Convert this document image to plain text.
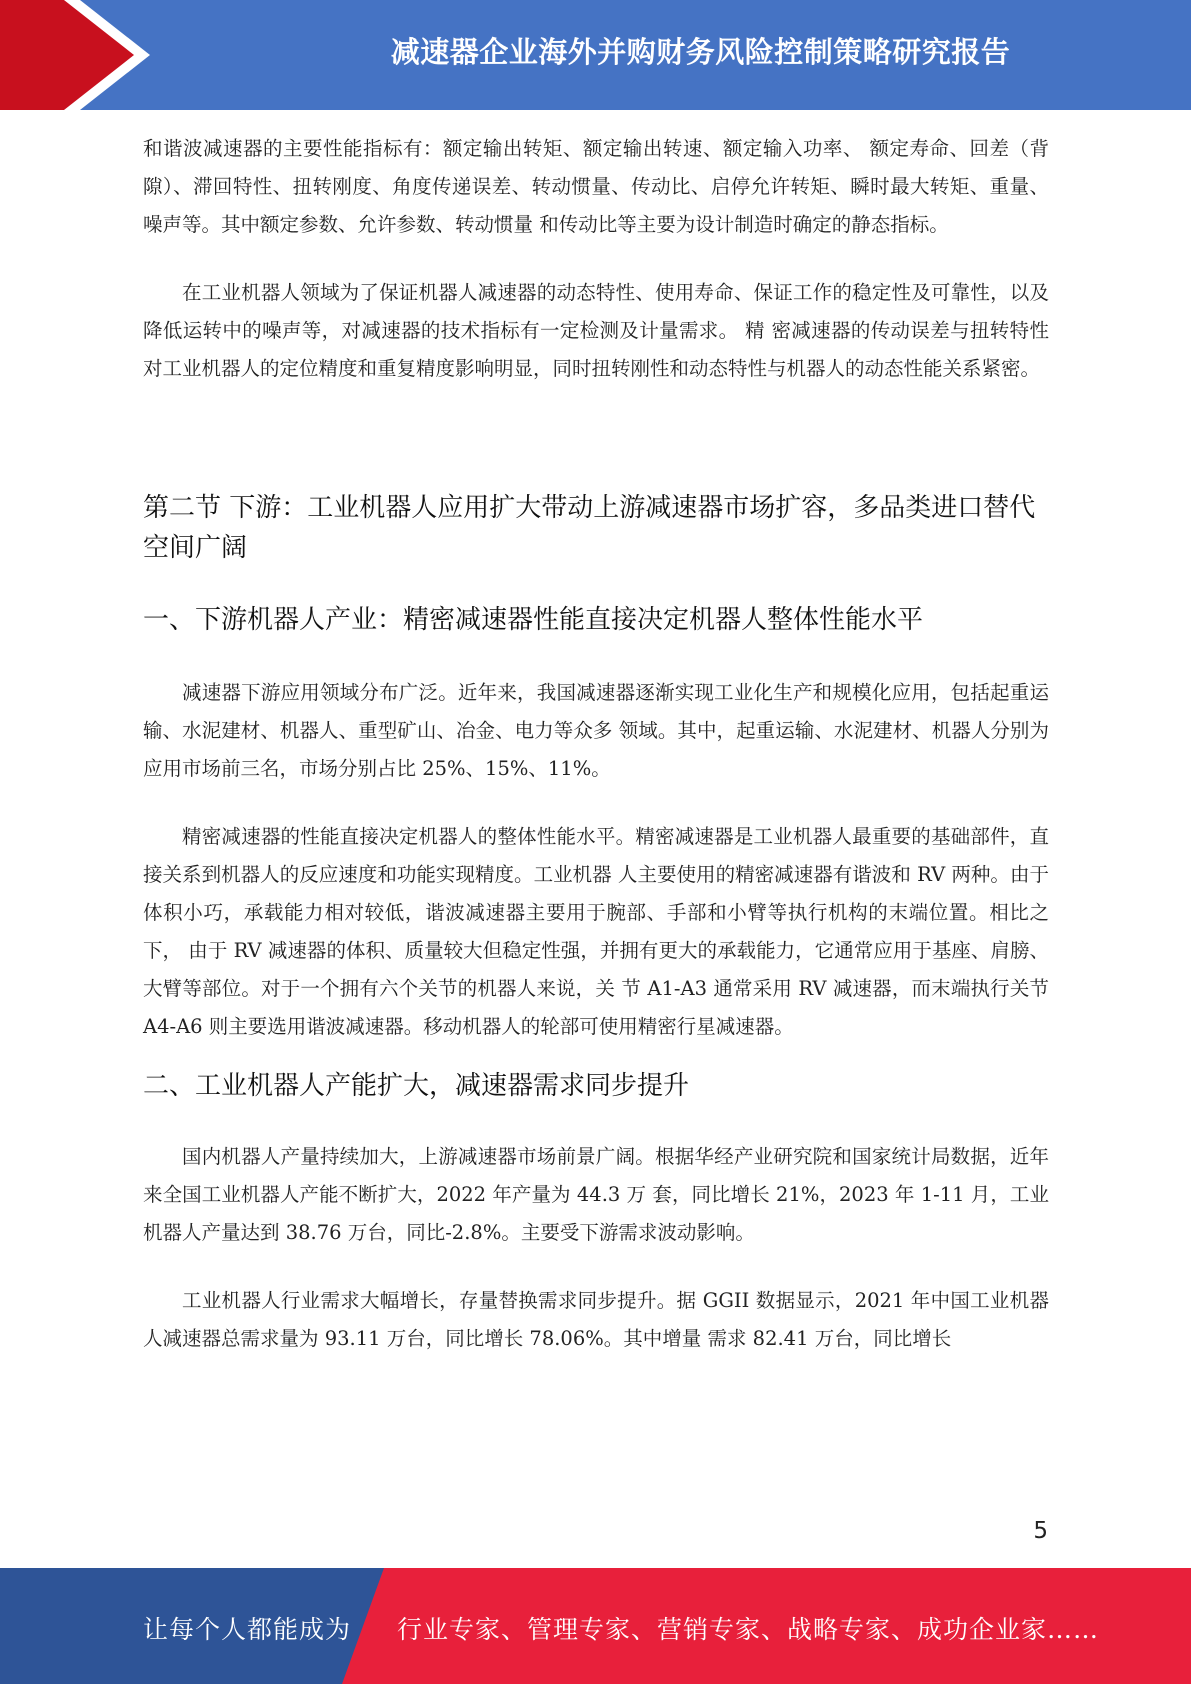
减速器企业海外并购财务风险控制策略研究报告

和谐波减速器的主要性能指标有：额定输出转矩、额定输出转速、额定输入功率、 额定寿命、回差（背隙）、滞回特性、扭转刚度、角度传递误差、转动惯量、传动比、启停允许转矩、瞬时最大转矩、重量、噪声等。其中额定参数、允许参数、转动惯量 和传动比等主要为设计制造时确定的静态指标。

在工业机器人领域为了保证机器人减速器的动态特性、使用寿命、保证工作的稳定性及可靠性，以及降低运转中的噪声等，对减速器的技术指标有一定检测及计量需求。 精 密减速器的传动误差与扭转特性对工业机器人的定位精度和重复精度影响明显，同时扭转刚性和动态特性与机器人的动态性能关系紧密。

第二节 下游：工业机器人应用扩大带动上游减速器市场扩容，多品类进口替代空间广阔
一、下游机器人产业：精密减速器性能直接决定机器人整体性能水平

减速器下游应用领域分布广泛。近年来，我国减速器逐渐实现工业化生产和规模化应用，包括起重运输、水泥建材、机器人、重型矿山、冶金、电力等众多 领域。其中，起重运输、水泥建材、机器人分别为应用市场前三名，市场分别占比 25%、15%、11%。

精密减速器的性能直接决定机器人的整体性能水平。精密减速器是工业机器人最重要的基础部件，直接关系到机器人的反应速度和功能实现精度。工业机器 人主要使用的精密减速器有谐波和 RV 两种。由于体积小巧，承载能力相对较低，谐波减速器主要用于腕部、手部和小臂等执行机构的末端位置。相比之下， 由于 RV 减速器的体积、质量较大但稳定性强，并拥有更大的承载能力，它通常应用于基座、肩膀、大臂等部位。对于一个拥有六个关节的机器人来说，关 节 A1-A3 通常采用 RV 减速器，而末端执行关节 A4-A6 则主要选用谐波减速器。移动机器人的轮部可使用精密行星减速器。

二、工业机器人产能扩大，减速器需求同步提升

国内机器人产量持续加大，上游减速器市场前景广阔。根据华经产业研究院和国家统计局数据，近年来全国工业机器人产能不断扩大，2022 年产量为 44.3 万 套，同比增长 21%，2023 年 1-11 月，工业机器人产量达到 38.76 万台，同比-2.8%。主要受下游需求波动影响。

工业机器人行业需求大幅增长，存量替换需求同步提升。据 GGII 数据显示，2021 年中国工业机器人减速器总需求量为 93.11 万台，同比增长 78.06%。其中增量 需求 82.41 万台，同比增长

5
让每个人都能成为 行业专家、管理专家、营销专家、战略专家、成功企业家……
